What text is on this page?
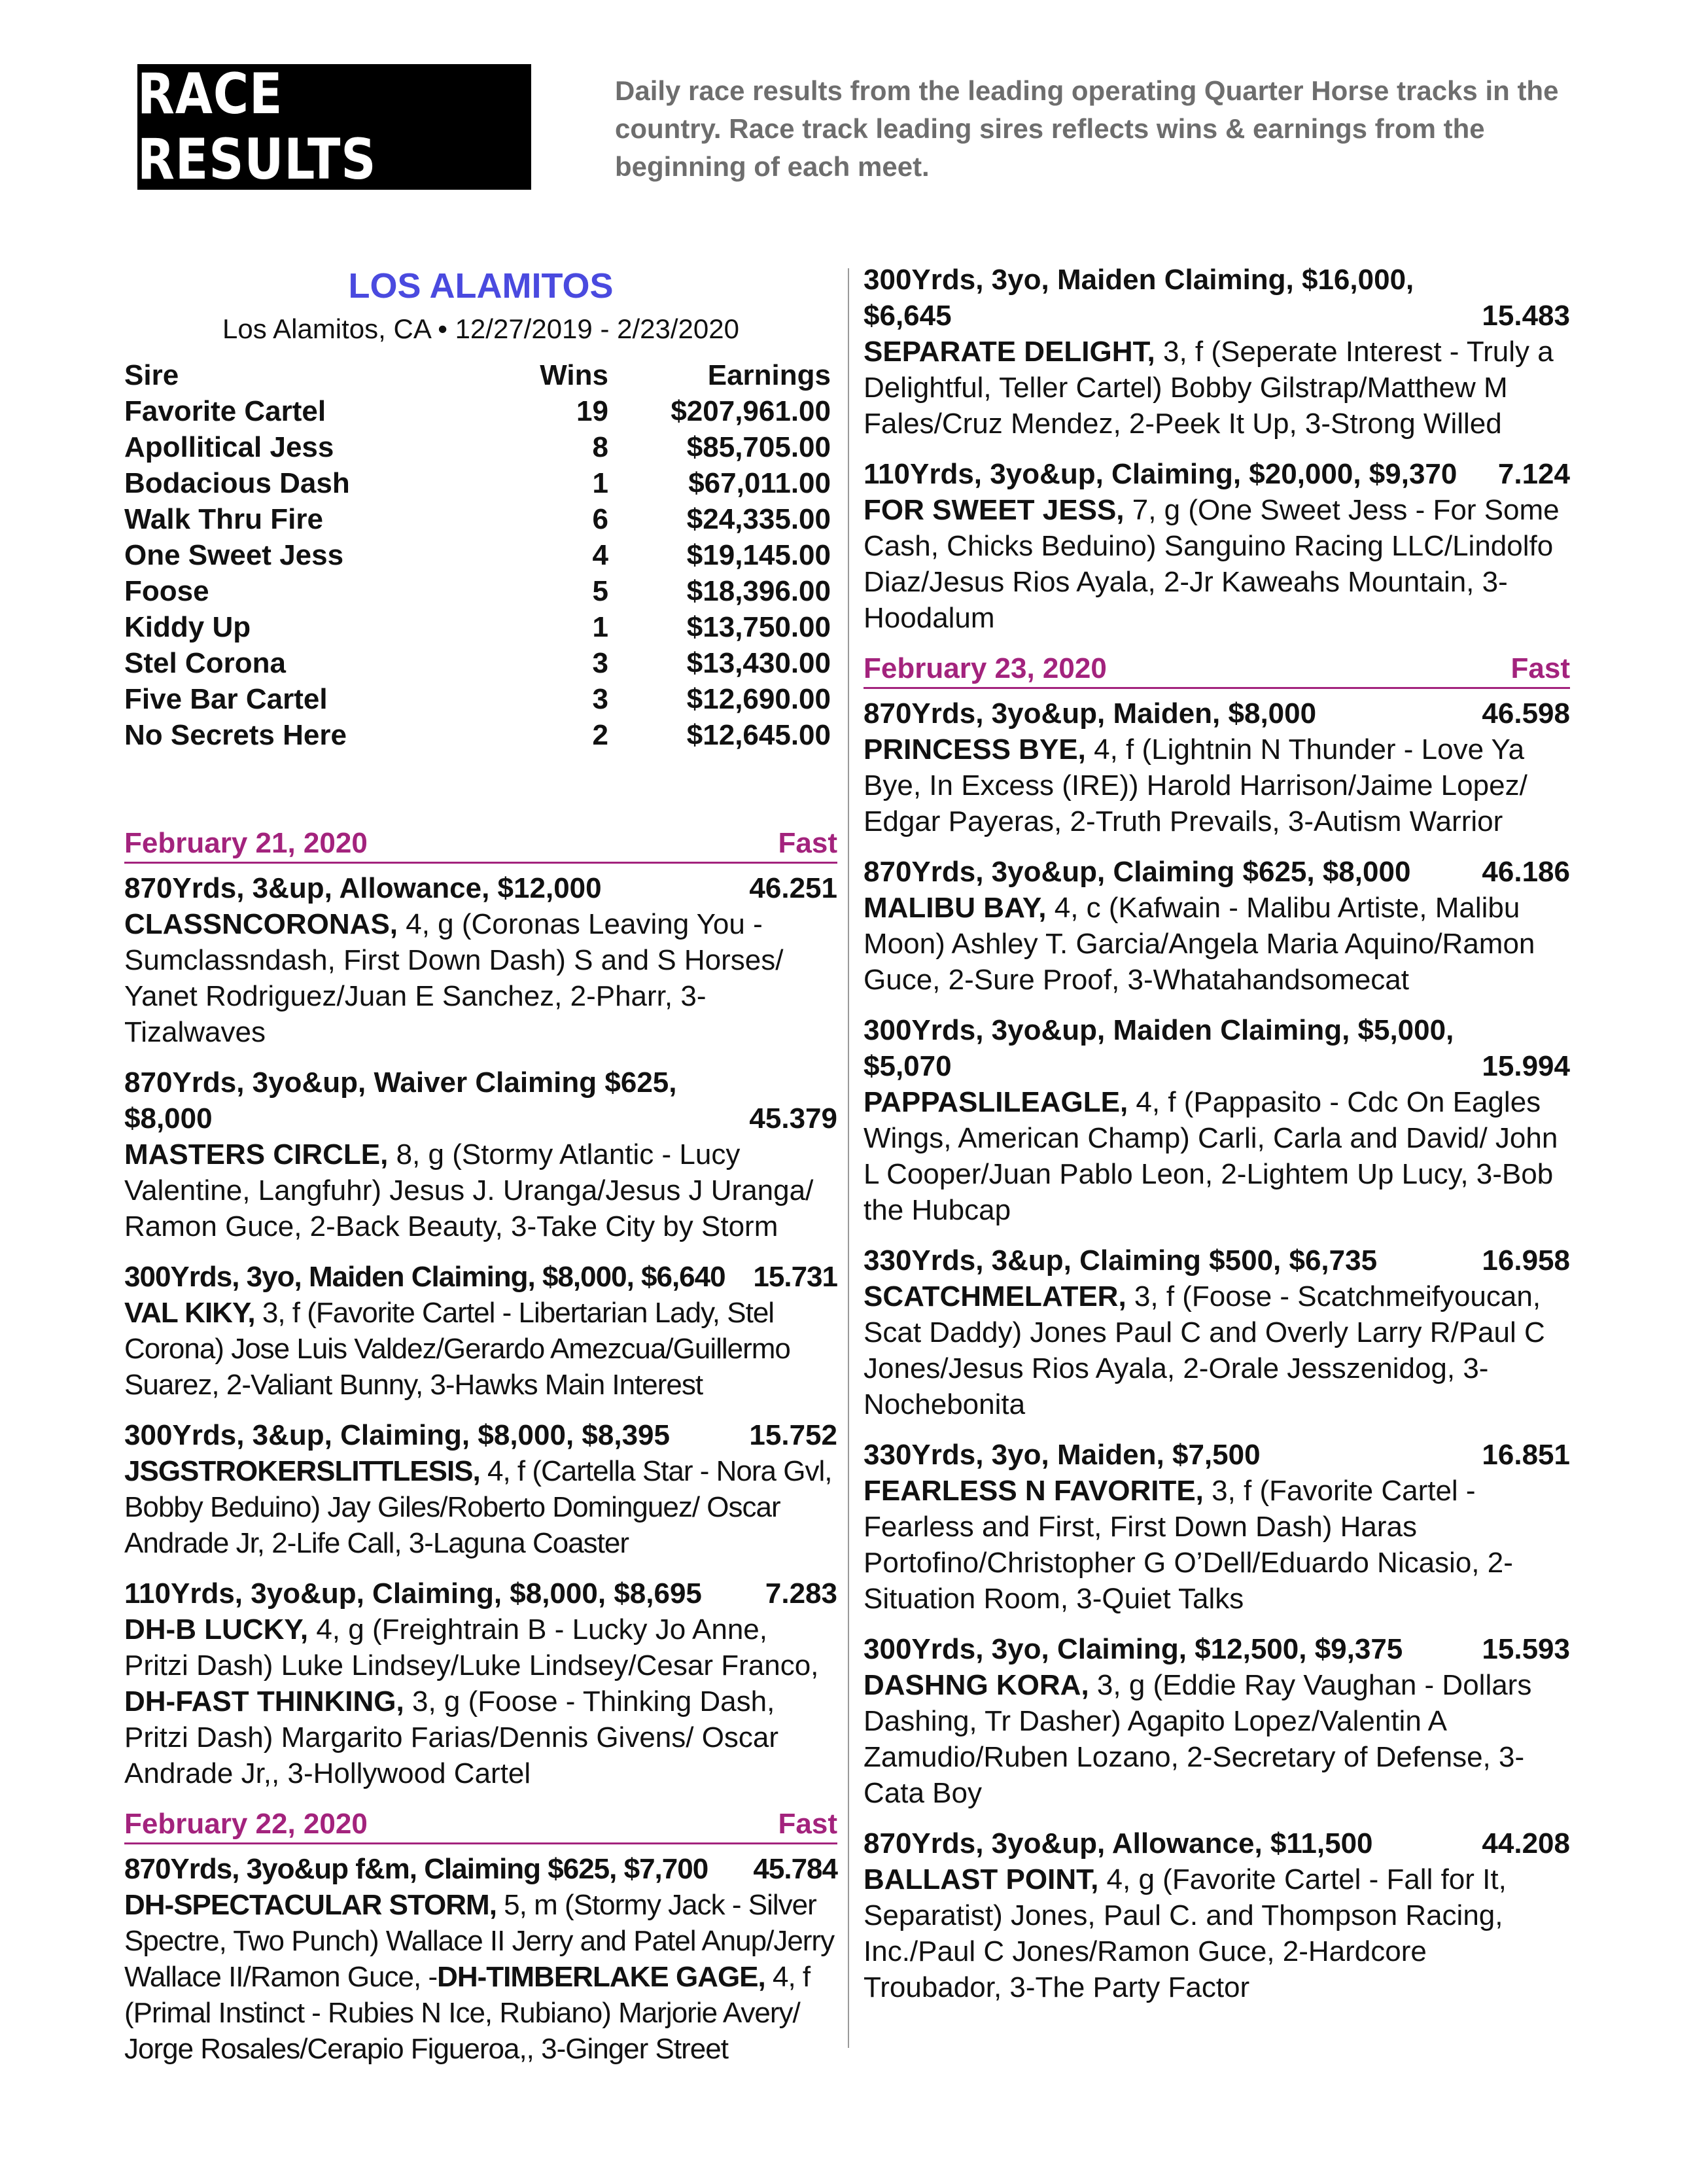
RACE RESULTS
Daily race results from the leading operating Quarter Horse tracks in the country. Race track leading sires reflects wins & earnings from the beginning of each meet.
LOS ALAMITOS
Los Alamitos, CA • 12/27/2019 - 2/23/2020
Sire	Wins	Earnings
Favorite Cartel	19	$207,961.00
Apollitical Jess	8	$85,705.00
Bodacious Dash	1	$67,011.00
Walk Thru Fire	6	$24,335.00
One Sweet Jess	4	$19,145.00
Foose	5	$18,396.00
Kiddy Up	1	$13,750.00
Stel Corona	3	$13,430.00
Five Bar Cartel	3	$12,690.00
No Secrets Here	2	$12,645.00
February 21, 2020	Fast
870Yrds, 3&up, Allowance, $12,000	46.251
CLASSNCORONAS, 4, g (Coronas Leaving You - Sumclassndash, First Down Dash) S and S Horses/ Yanet Rodriguez/Juan E Sanchez, 2-Pharr, 3-Tizalwaves
870Yrds, 3yo&up, Waiver Claiming $625, $8,000	45.379
MASTERS CIRCLE, 8, g (Stormy Atlantic - Lucy Valentine, Langfuhr) Jesus J. Uranga/Jesus J Uranga/ Ramon Guce, 2-Back Beauty, 3-Take City by Storm
300Yrds, 3yo, Maiden Claiming, $8,000, $6,640 15.731
VAL KIKY, 3, f (Favorite Cartel - Libertarian Lady, Stel Corona) Jose Luis Valdez/Gerardo Amezcua/Guillermo Suarez, 2-Valiant Bunny, 3-Hawks Main Interest
300Yrds, 3&up, Claiming, $8,000, $8,395	15.752
JSGSTROKERSLITTLESIS, 4, f (Cartella Star - Nora Gvl, Bobby Beduino) Jay Giles/Roberto Dominguez/ Oscar Andrade Jr, 2-Life Call, 3-Laguna Coaster
110Yrds, 3yo&up, Claiming, $8,000, $8,695	7.283
DH-B LUCKY, 4, g (Freightrain B - Lucky Jo Anne, Pritzi Dash) Luke Lindsey/Luke Lindsey/Cesar Franco, DH-FAST THINKING, 3, g (Foose - Thinking Dash, Pritzi Dash) Margarito Farias/Dennis Givens/ Oscar Andrade Jr,, 3-Hollywood Cartel
February 22, 2020	Fast
870Yrds, 3yo&up f&m, Claiming $625, $7,700	45.784
DH-SPECTACULAR STORM, 5, m (Stormy Jack - Silver Spectre, Two Punch) Wallace II Jerry and Patel Anup/Jerry Wallace II/Ramon Guce, -DH-TIMBERLAKE GAGE, 4, f (Primal Instinct - Rubies N Ice, Rubiano) Marjorie Avery/ Jorge Rosales/Cerapio Figueroa,, 3-Ginger Street
300Yrds, 3yo, Maiden Claiming, $16,000, $6,645	15.483
SEPARATE DELIGHT, 3, f (Seperate Interest - Truly a Delightful, Teller Cartel) Bobby Gilstrap/Matthew M Fales/Cruz Mendez, 2-Peek It Up, 3-Strong Willed
110Yrds, 3yo&up, Claiming, $20,000, $9,370	7.124
FOR SWEET JESS, 7, g (One Sweet Jess - For Some Cash, Chicks Beduino) Sanguino Racing LLC/Lindolfo Diaz/Jesus Rios Ayala, 2-Jr Kaweahs Mountain, 3-Hoodalum
February 23, 2020	Fast
870Yrds, 3yo&up, Maiden, $8,000	46.598
PRINCESS BYE, 4, f (Lightnin N Thunder - Love Ya Bye, In Excess (IRE)) Harold Harrison/Jaime Lopez/ Edgar Payeras, 2-Truth Prevails, 3-Autism Warrior
870Yrds, 3yo&up, Claiming $625, $8,000	46.186
MALIBU BAY, 4, c (Kafwain - Malibu Artiste, Malibu Moon) Ashley T. Garcia/Angela Maria Aquino/Ramon Guce, 2-Sure Proof, 3-Whatahandsomecat
300Yrds, 3yo&up, Maiden Claiming, $5,000, $5,070	15.994
PAPPASLILEAGLE, 4, f (Pappasito - Cdc On Eagles Wings, American Champ) Carli, Carla and David/ John L Cooper/Juan Pablo Leon, 2-Lightem Up Lucy, 3-Bob the Hubcap
330Yrds, 3&up, Claiming $500, $6,735	16.958
SCATCHMELATER, 3, f (Foose - Scatchmeifyoucan, Scat Daddy) Jones Paul C and Overly Larry R/Paul C Jones/Jesus Rios Ayala, 2-Orale Jesszenidog, 3-Nochebonita
330Yrds, 3yo, Maiden, $7,500	16.851
FEARLESS N FAVORITE, 3, f (Favorite Cartel - Fearless and First, First Down Dash) Haras Portofino/Christopher G O’Dell/Eduardo Nicasio, 2-Situation Room, 3-Quiet Talks
300Yrds, 3yo, Claiming, $12,500, $9,375	15.593
DASHNG KORA, 3, g (Eddie Ray Vaughan - Dollars Dashing, Tr Dasher) Agapito Lopez/Valentin A Zamudio/Ruben Lozano, 2-Secretary of Defense, 3-Cata Boy
870Yrds, 3yo&up, Allowance, $11,500	44.208
BALLAST POINT, 4, g (Favorite Cartel - Fall for It, Separatist) Jones, Paul C. and Thompson Racing, Inc./Paul C Jones/Ramon Guce, 2-Hardcore Troubador, 3-The Party Factor
